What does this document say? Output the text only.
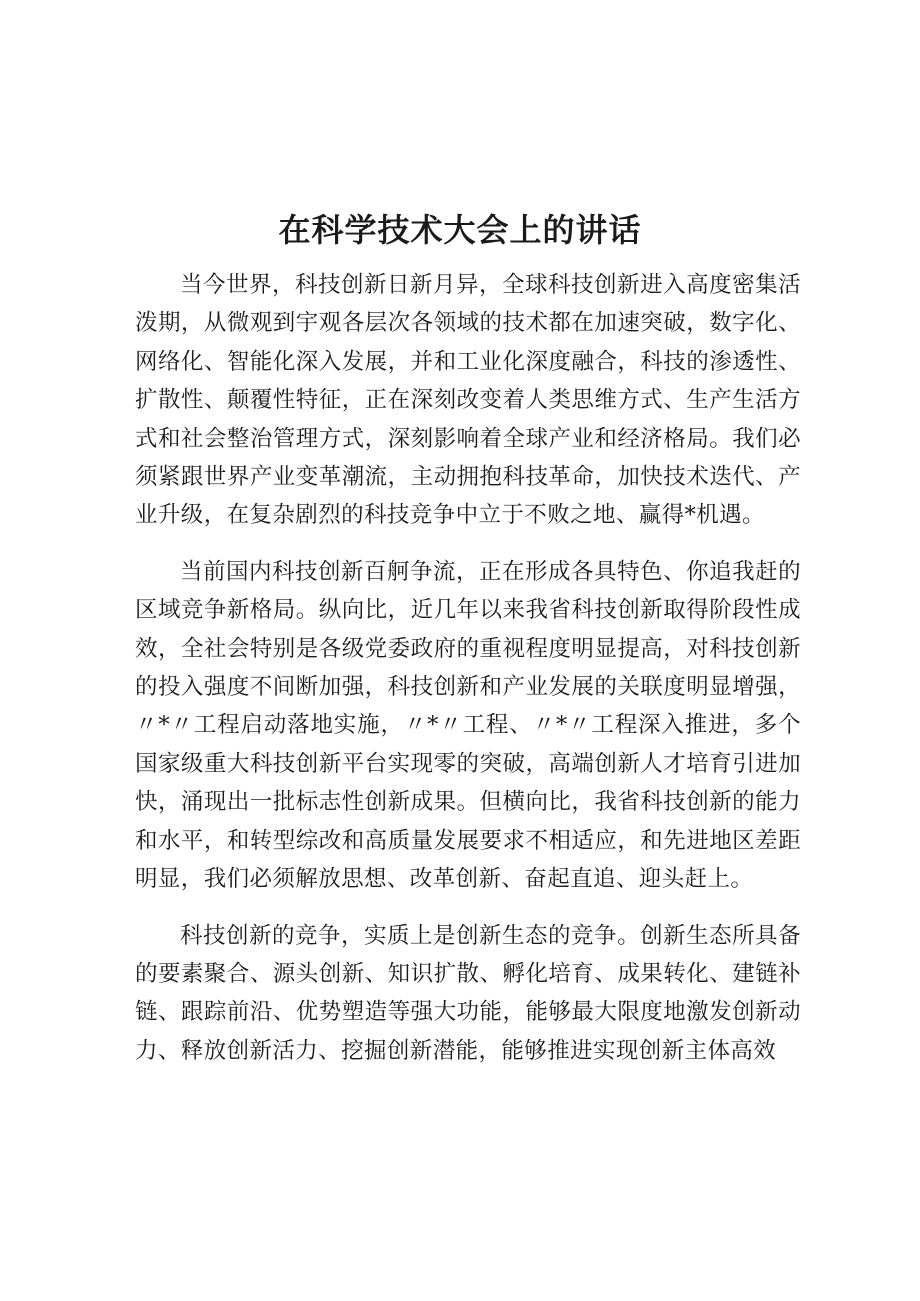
在科学技术大会上的讲话

当今世界，科技创新日新月异，全球科技创新进入高度密集活泼期，从微观到宇观各层次各领域的技术都在加速突破，数字化、网络化、智能化深入发展，并和工业化深度融合，科技的渗透性、扩散性、颠覆性特征，正在深刻改变着人类思维方式、生产生活方式和社会整治管理方式，深刻影响着全球产业和经济格局。我们必须紧跟世界产业变革潮流，主动拥抱科技革命，加快技术迭代、产业升级，在复杂剧烈的科技竞争中立于不败之地、赢得*机遇。

当前国内科技创新百舸争流，正在形成各具特色、你追我赶的区域竞争新格局。纵向比，近几年以来我省科技创新取得阶段性成效，全社会特别是各级党委政府的重视程度明显提高，对科技创新的投入强度不间断加强，科技创新和产业发展的关联度明显增强，〃*〃工程启动落地实施，〃*〃工程、〃*〃工程深入推进，多个国家级重大科技创新平台实现零的突破，高端创新人才培育引进加快，涌现出一批标志性创新成果。但横向比，我省科技创新的能力和水平，和转型综改和高质量发展要求不相适应，和先进地区差距明显，我们必须解放思想、改革创新、奋起直追、迎头赶上。

科技创新的竞争，实质上是创新生态的竞争。创新生态所具备的要素聚合、源头创新、知识扩散、孵化培育、成果转化、建链补链、跟踪前沿、优势塑造等强大功能，能够最大限度地激发创新动力、释放创新活力、挖掘创新潜能，能够推进实现创新主体高效
